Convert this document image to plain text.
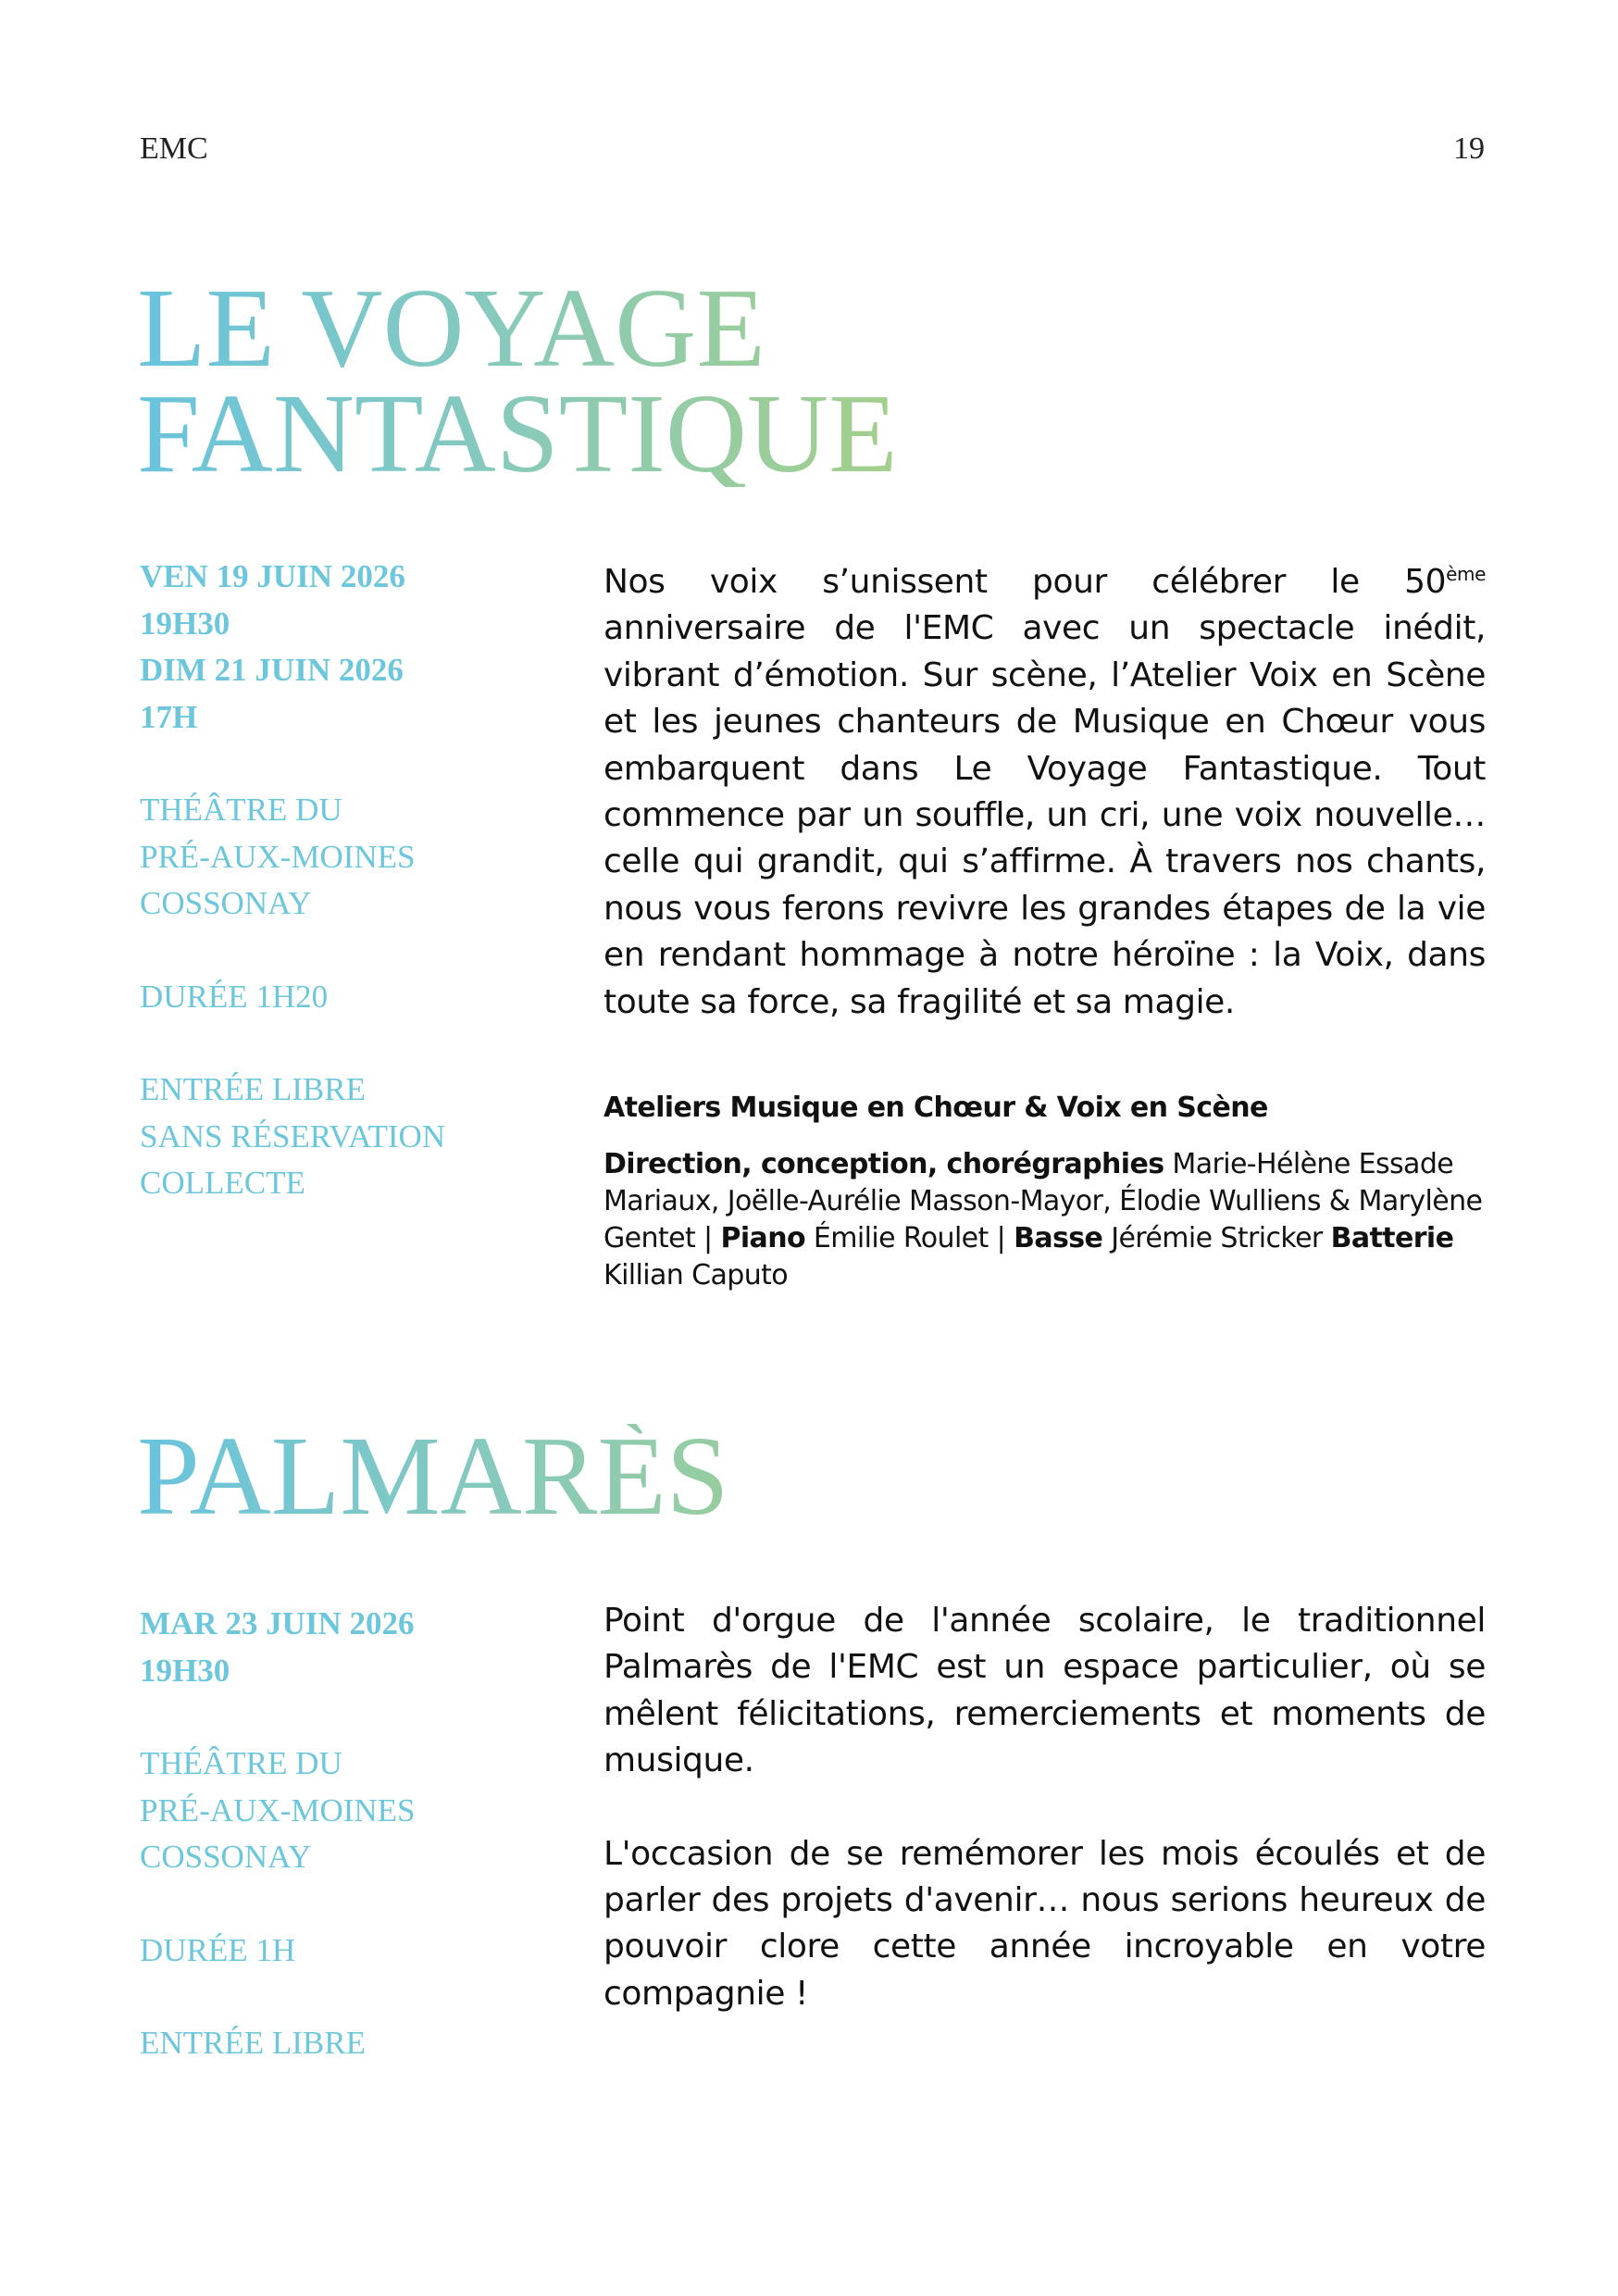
EMC	19
LE VOYAGE
FANTASTIQUE
VEN 19 JUIN 2026
19H30
DIM 21 JUIN 2026
17H
THÉÂTRE DU
PRÉ-AUX-MOINES
COSSONAY
DURÉE 1H20
ENTRÉE LIBRE
SANS RÉSERVATION
COLLECTE

Nos voix s’unissent pour célébrer le 50ème anniversaire de l'EMC avec un spectacle inédit, vibrant d’émotion. Sur scène, l’Atelier Voix en Scène et les jeunes chanteurs de Musique en Chœur vous embarquent dans Le Voyage Fantastique. Tout commence par un souffle, un cri, une voix nouvelle… celle qui grandit, qui s’affirme. À travers nos chants, nous vous ferons revivre les grandes étapes de la vie en rendant hommage à notre héroïne : la Voix, dans toute sa force, sa fragilité et sa magie.

Ateliers Musique en Chœur & Voix en Scène
Direction, conception, chorégraphies Marie-Hélène Essade Mariaux, Joëlle-Aurélie Masson-Mayor, Élodie Wulliens & Marylène Gentet | Piano Émilie Roulet | Basse Jérémie Stricker Batterie Killian Caputo
PALMARÈS
MAR 23 JUIN 2026
19H30
THÉÂTRE DU
PRÉ-AUX-MOINES
COSSONAY
DURÉE 1H
ENTRÉE LIBRE

Point d'orgue de l'année scolaire, le traditionnel Palmarès de l'EMC est un espace particulier, où se mêlent félicitations, remerciements et moments de musique.

L'occasion de se remémorer les mois écoulés et de parler des projets d'avenir… nous serions heureux de pouvoir clore cette année incroyable en votre compagnie !
